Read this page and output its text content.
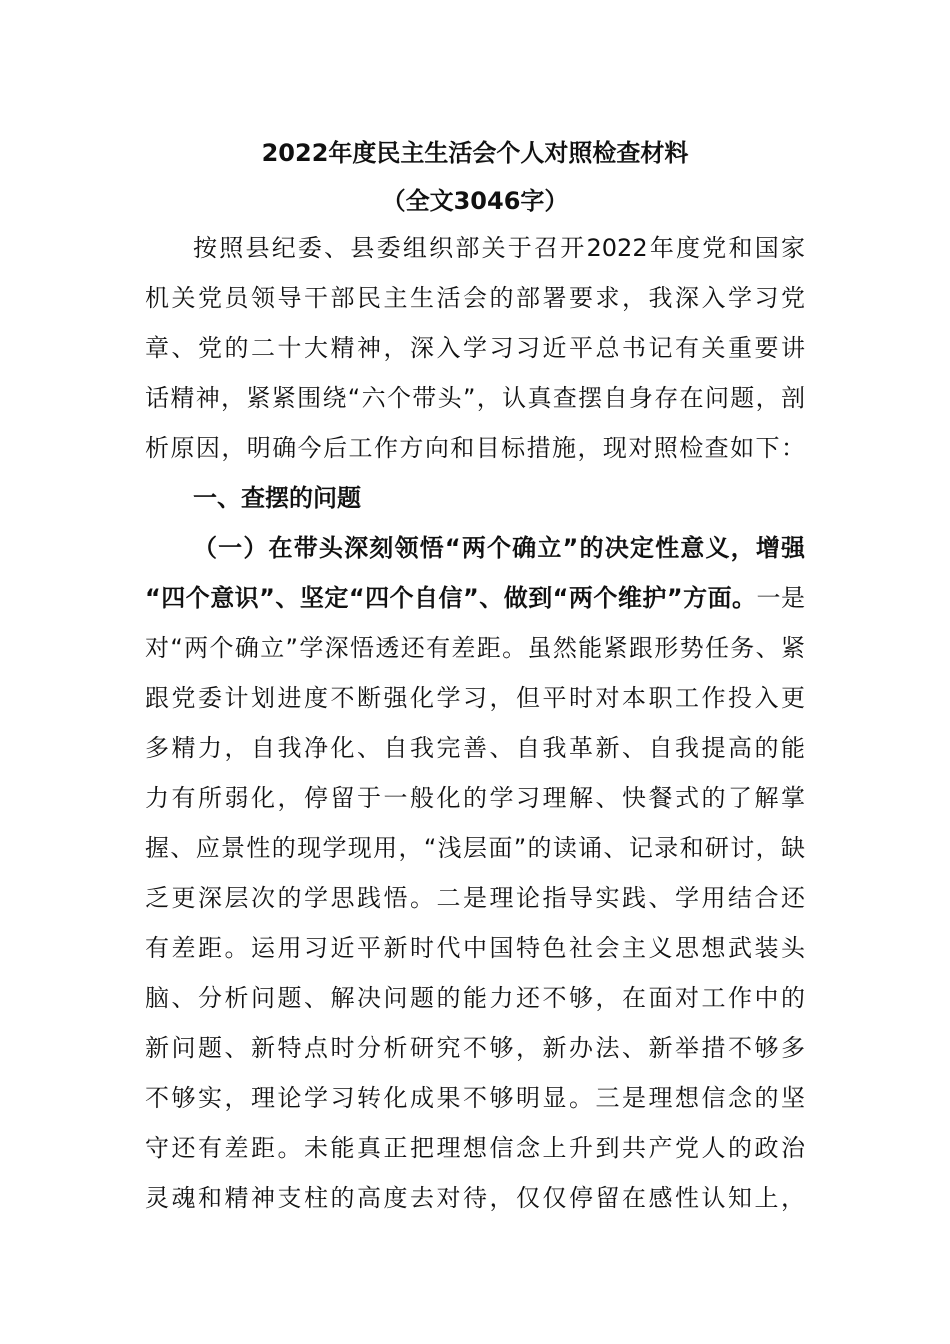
2022年度民主生活会个人对照检查材料
（全文3046字）
按照县纪委、县委组织部关于召开2022年度党和国家
机关党员领导干部民主生活会的部署要求，我深入学习党
章、党的二十大精神，深入学习习近平总书记有关重要讲
话精神，紧紧围绕“六个带头”，认真查摆自身存在问题，剖
析原因，明确今后工作方向和目标措施，现对照检查如下：
一、查摆的问题
（一）在带头深刻领悟“两个确立”的决定性意义，增强
“四个意识”、坚定“四个自信”、做到“两个维护”方面。一是
对“两个确立”学深悟透还有差距。虽然能紧跟形势任务、紧
跟党委计划进度不断强化学习，但平时对本职工作投入更
多精力，自我净化、自我完善、自我革新、自我提高的能
力有所弱化，停留于一般化的学习理解、快餐式的了解掌
握、应景性的现学现用，“浅层面”的读诵、记录和研讨，缺
乏更深层次的学思践悟。二是理论指导实践、学用结合还
有差距。运用习近平新时代中国特色社会主义思想武装头
脑、分析问题、解决问题的能力还不够，在面对工作中的
新问题、新特点时分析研究不够，新办法、新举措不够多
不够实，理论学习转化成果不够明显。三是理想信念的坚
守还有差距。未能真正把理想信念上升到共产党人的政治
灵魂和精神支柱的高度去对待，仅仅停留在感性认知上，
